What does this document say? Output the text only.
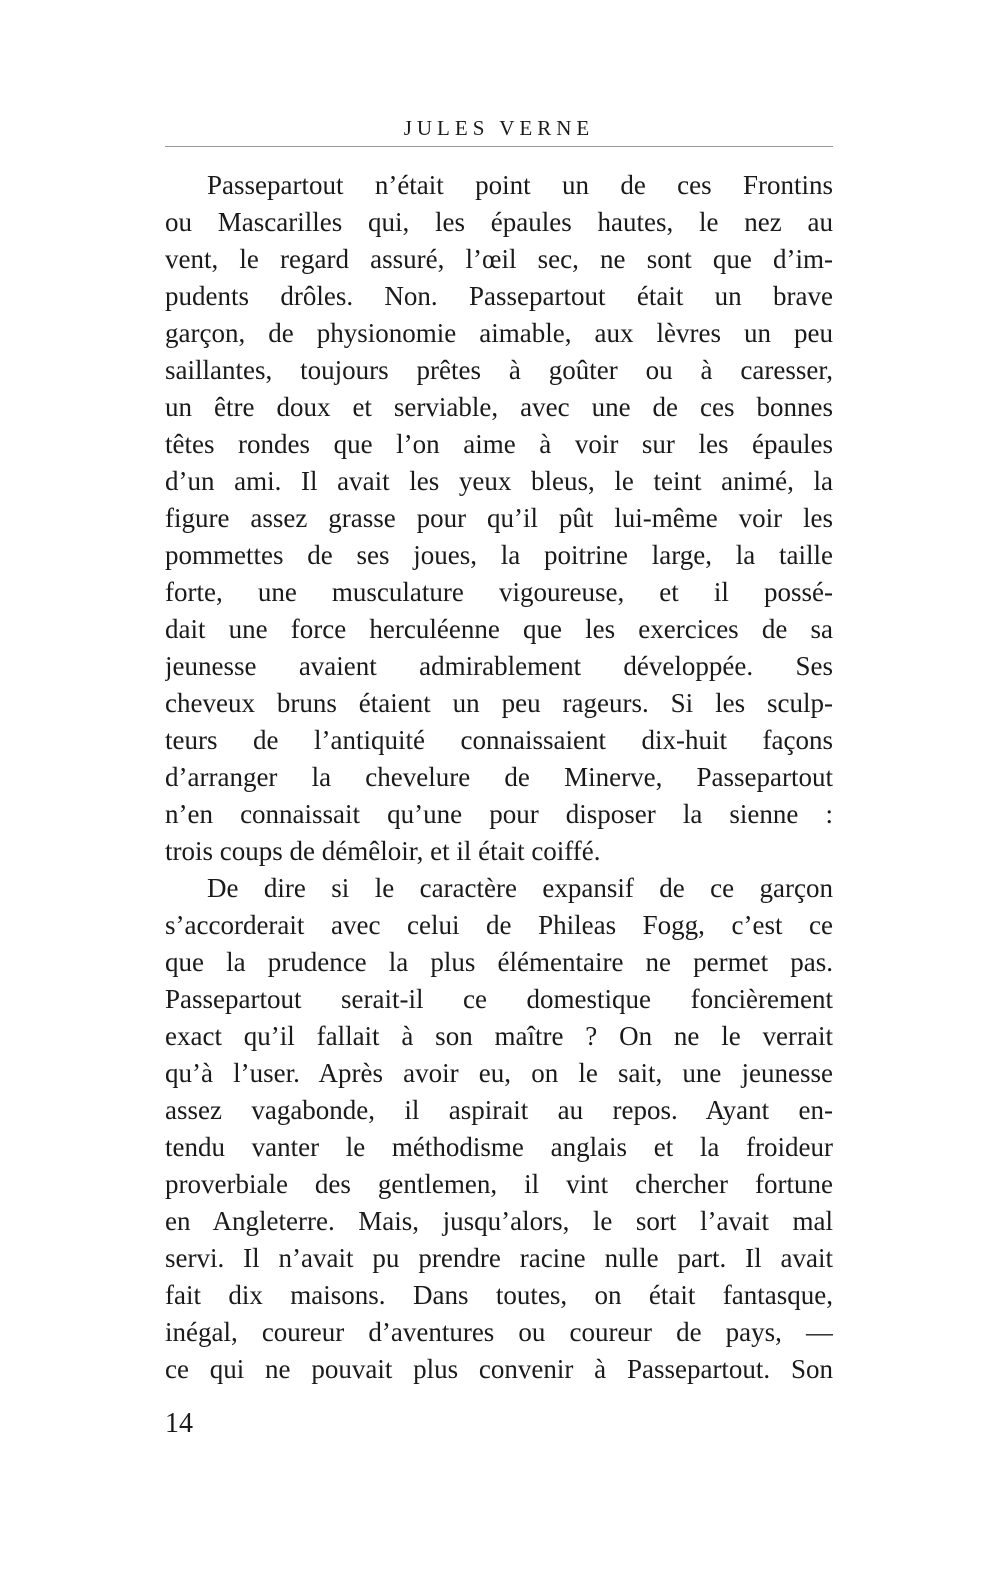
JULES VERNE
Passepartout n’était point un de ces Frontins
ou Mascarilles qui, les épaules hautes, le nez au
vent, le regard assuré, l’œil sec, ne sont que d’im-
pudents drôles. Non. Passepartout était un brave
garçon, de physionomie aimable, aux lèvres un peu
saillantes, toujours prêtes à goûter ou à caresser,
un être doux et serviable, avec une de ces bonnes
têtes rondes que l’on aime à voir sur les épaules
d’un ami. Il avait les yeux bleus, le teint animé, la
figure assez grasse pour qu’il pût lui-même voir les
pommettes de ses joues, la poitrine large, la taille
forte, une musculature vigoureuse, et il possé-
dait une force herculéenne que les exercices de sa
jeunesse avaient admirablement développée. Ses
cheveux bruns étaient un peu rageurs. Si les sculp-
teurs de l’antiquité connaissaient dix-huit façons
d’arranger la chevelure de Minerve, Passepartout
n’en connaissait qu’une pour disposer la sienne :
trois coups de démêloir, et il était coiffé.
De dire si le caractère expansif de ce garçon
s’accorderait avec celui de Phileas Fogg, c’est ce
que la prudence la plus élémentaire ne permet pas.
Passepartout serait-il ce domestique foncièrement
exact qu’il fallait à son maître ? On ne le verrait
qu’à l’user. Après avoir eu, on le sait, une jeunesse
assez vagabonde, il aspirait au repos. Ayant en-
tendu vanter le méthodisme anglais et la froideur
proverbiale des gentlemen, il vint chercher fortune
en Angleterre. Mais, jusqu’alors, le sort l’avait mal
servi. Il n’avait pu prendre racine nulle part. Il avait
fait dix maisons. Dans toutes, on était fantasque,
inégal, coureur d’aventures ou coureur de pays, —
ce qui ne pouvait plus convenir à Passepartout. Son
14
